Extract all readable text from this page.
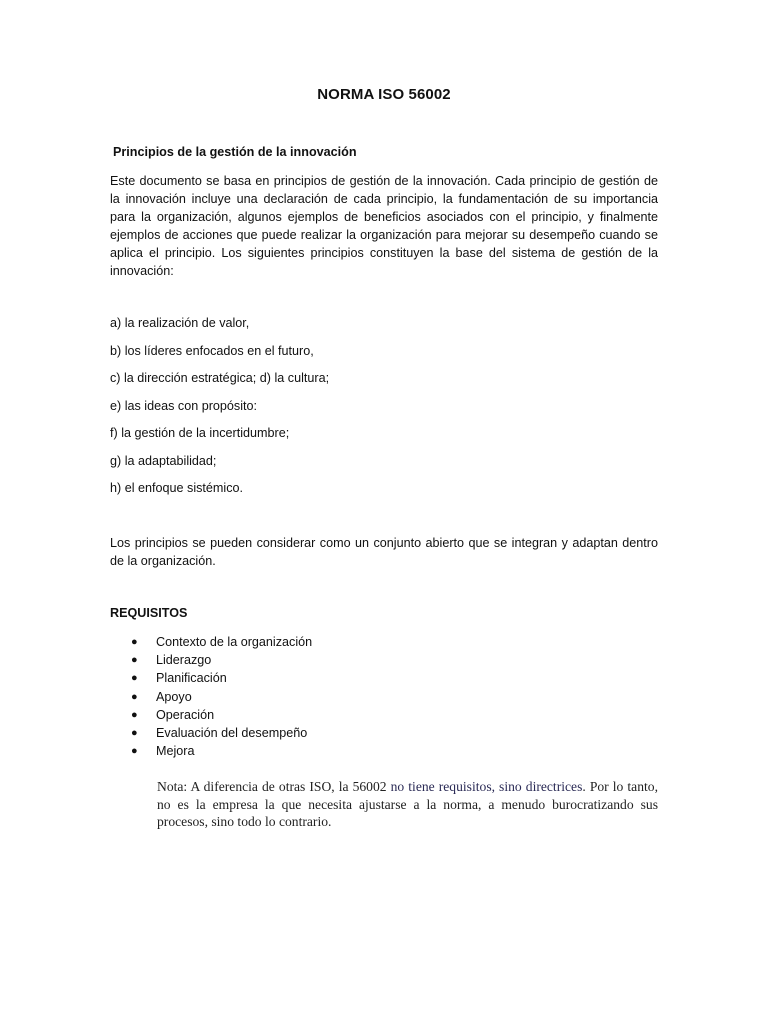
NORMA ISO 56002
Principios de la gestión de la innovación

Este documento se basa en principios de gestión de la innovación. Cada principio de gestión de la innovación incluye una declaración de cada principio, la fundamentación de su importancia para la organización, algunos ejemplos de beneficios asociados con el principio, y finalmente ejemplos de acciones que puede realizar la organización para mejorar su desempeño cuando se aplica el principio. Los siguientes principios constituyen la base del sistema de gestión de la innovación:

a) la realización de valor,
b) los líderes enfocados en el futuro,
c) la dirección estratégica; d) la cultura;
e) las ideas con propósito:
f) la gestión de la incertidumbre;
g) la adaptabilidad;
h) el enfoque sistémico.

Los principios se pueden considerar como un conjunto abierto que se integran y adaptan dentro de la organización.

REQUISITOS
● Contexto de la organización
● Liderazgo
● Planificación
● Apoyo
● Operación
● Evaluación del desempeño
● Mejora

Nota: A diferencia de otras ISO, la 56002 no tiene requisitos, sino directrices. Por lo tanto, no es la empresa la que necesita ajustarse a la norma, a menudo burocratizando sus procesos, sino todo lo contrario.
